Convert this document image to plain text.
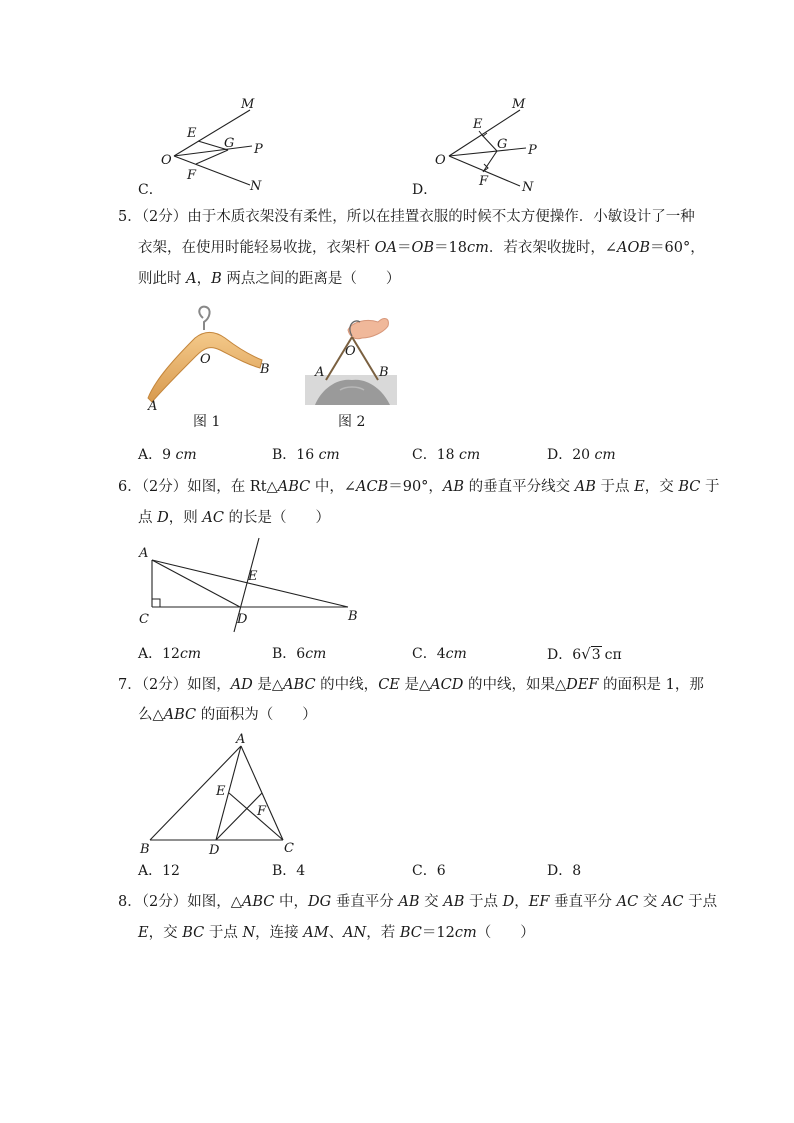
M
E
G P
O
F
N
C．
M
E
G P
O
F	N
D．
5．（2分）由于木质衣架没有柔性，所以在挂置衣服的时候不太方便操作．小敏设计了一种
衣架，在使用时能轻易收拢，衣架杆 OA＝OB＝18cm．若衣架收拢时，∠AOB＝60°，
则此时 A，B 两点之间的距离是（　　）
O
B
A
图 1
O
A	B
图 2
A．9 cm	B．16 cm	C．18 cm	D．20 cm
6．（2分）如图，在 Rt△ABC 中，∠ACB＝90°，AB 的垂直平分线交 AB 于点 E，交 BC 于
点 D，则 AC 的长是（　　）
A
C	D
E
B
A．12cm	B．6cm	C．4cm	D．6√3 cπ
7．（2分）如图，AD 是△ABC 的中线，CE 是△ACD 的中线，如果△DEF 的面积是 1，那
么△ABC 的面积为（　　）
A
E
F
B	D	C
A．12	B．4	C．6	D．8
8．（2分）如图，△ABC 中，DG 垂直平分 AB 交 AB 于点 D，EF 垂直平分 AC 交 AC 于点
E，交 BC 于点 N，连接 AM、AN，若 BC＝12cm（　　）
